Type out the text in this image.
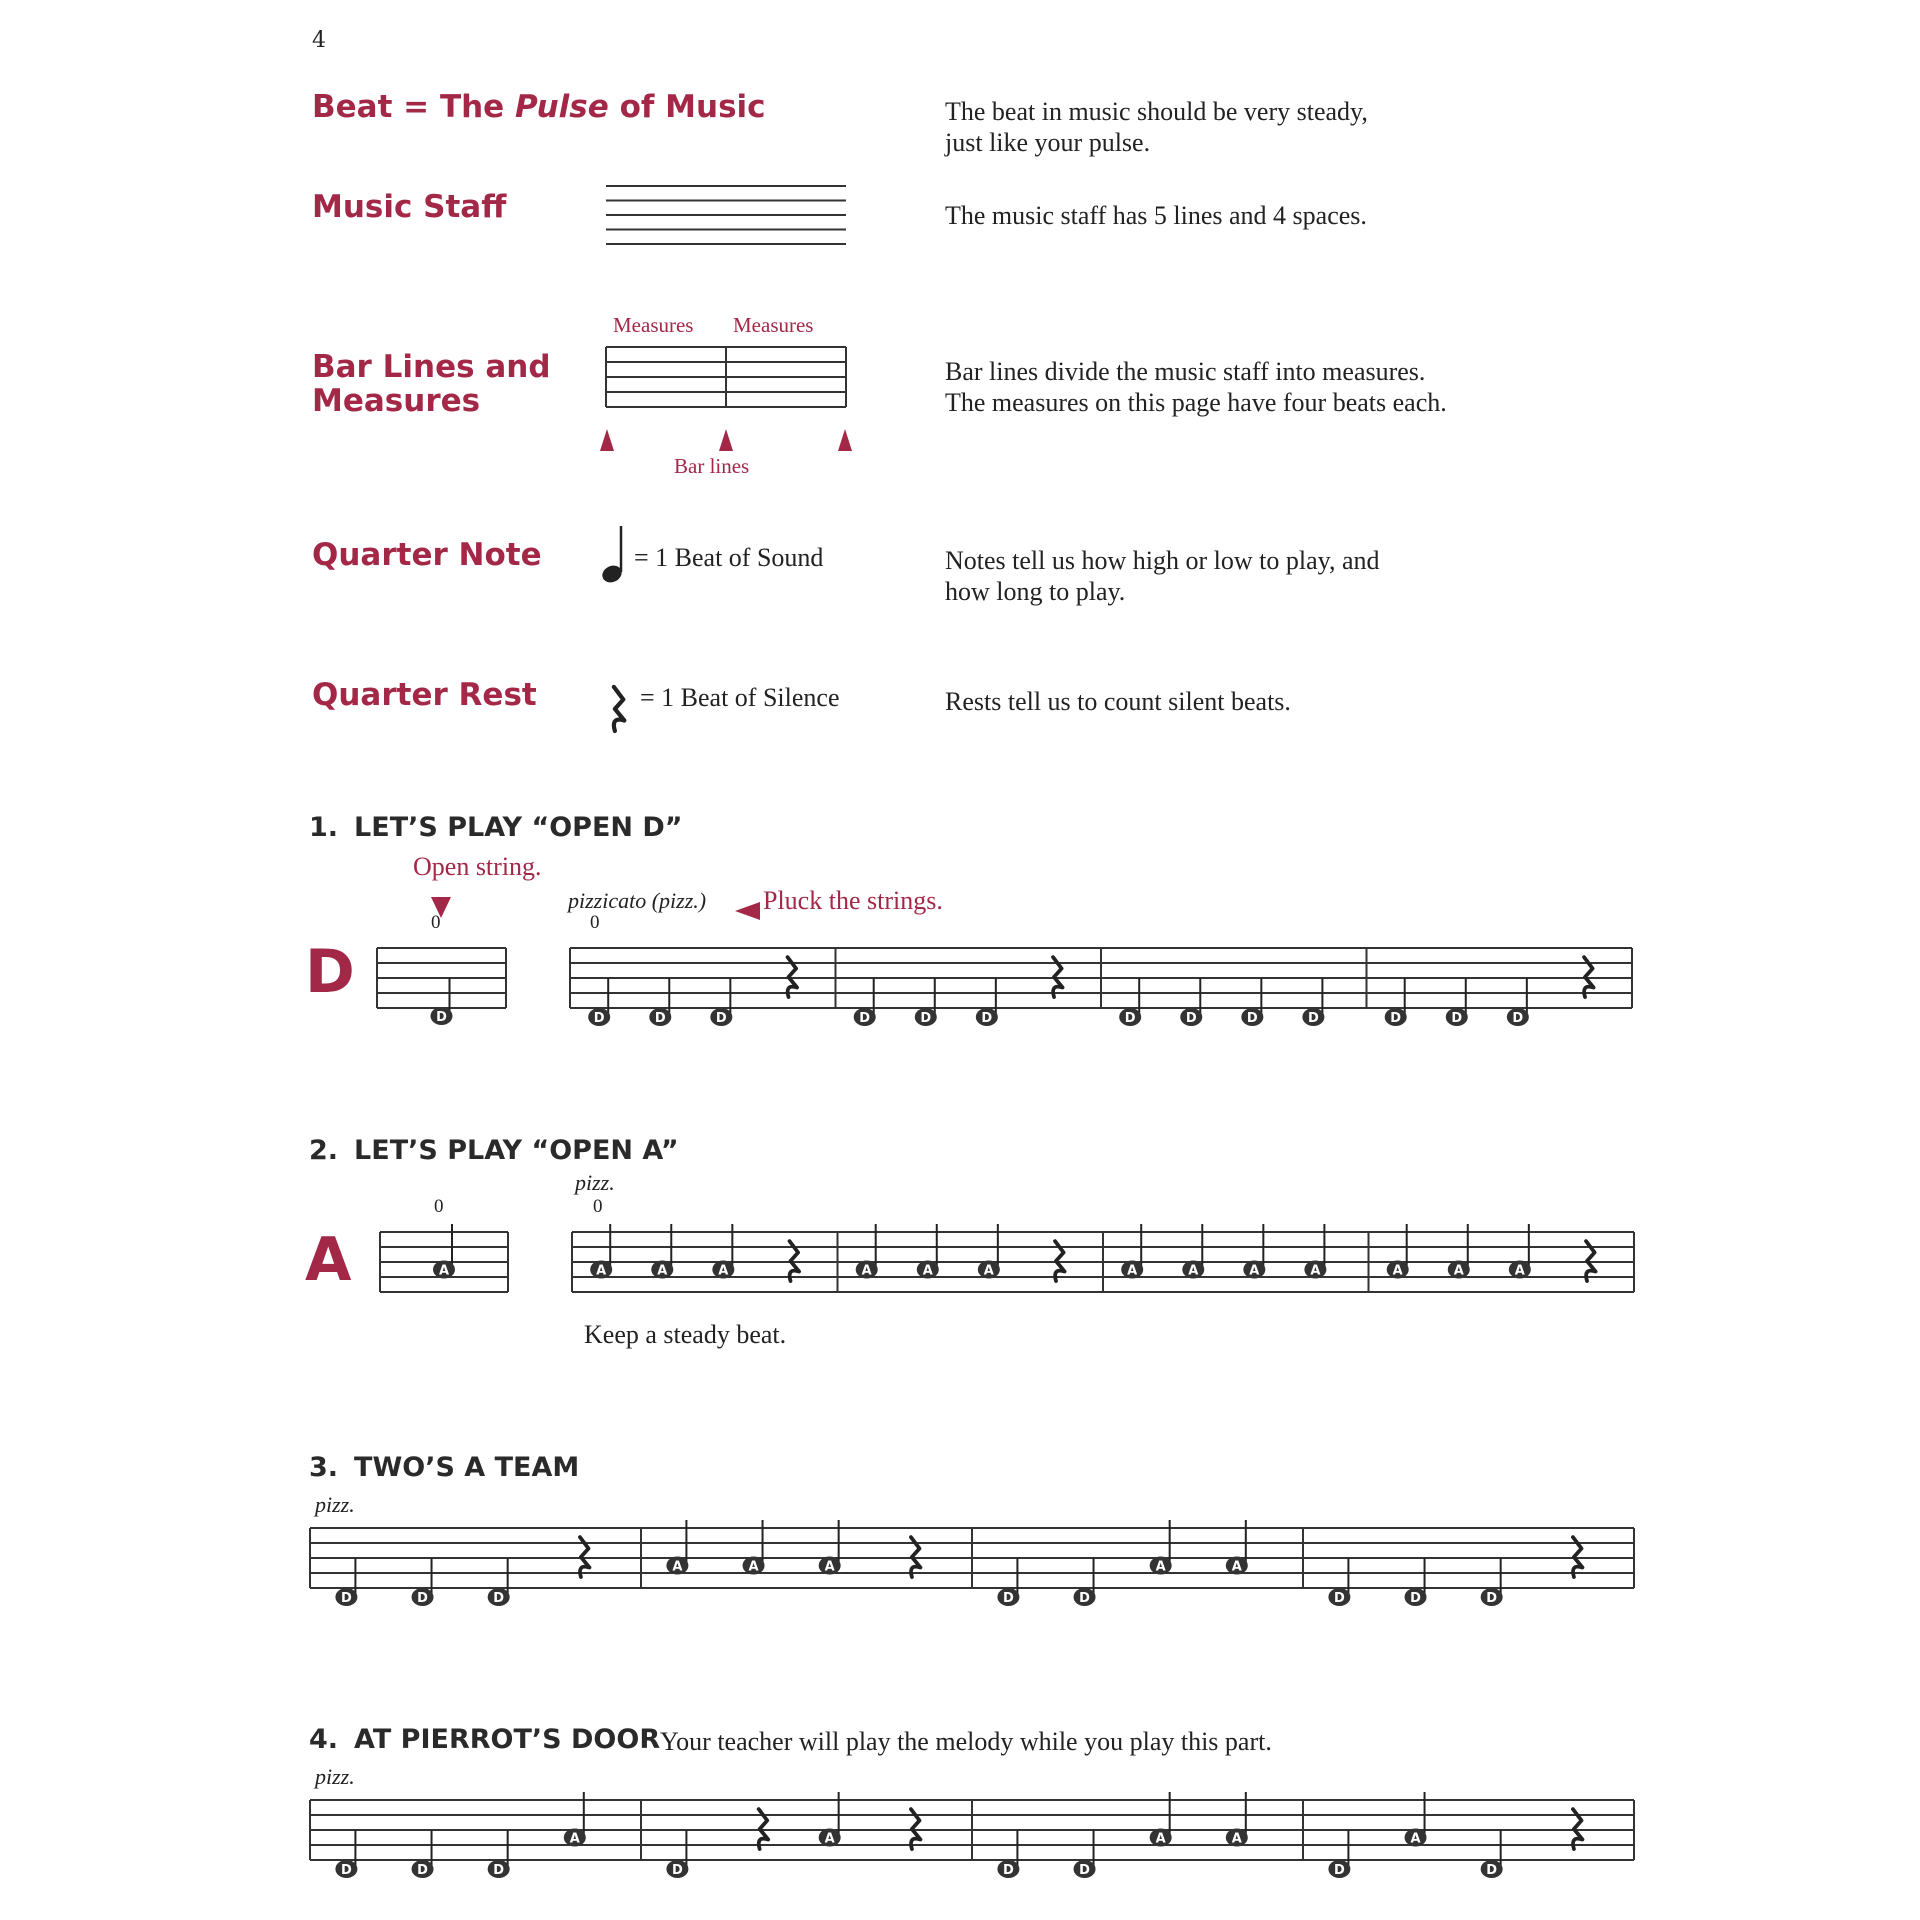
4
Beat = The Pulse of Music	The beat in music should be very steady,
just like your pulse.
Music Staff	The music staff has 5 lines and 4 spaces.
Bar Lines and
Measures
Bar lines divide the music staff into measures.
The measures on this page have four beats each.
Measures Measures
Bar lines
Quarter Note	= 1 Beat of Sound	Notes tell us how high or low to play, and
how long to play.
Quarter Rest	= 1 Beat of Silence	Rests tell us to count silent beats.
1. LET’S PLAY “OPEN D”
Open string.
pizzicato (pizz.) Pluck the strings.
D
0	0
2. LET’S PLAY “OPEN A”
pizz.
A
0	0
Keep a steady beat.
3. TWO’S A TEAM
pizz.
4. AT PIERROT’S DOOR Your teacher will play the melody while you play this part.
pizz.
D	D	D	D	D	D	D	D	D	D	D	D	D	D
A	A	A	A	A	A	A	A	A	A	A	A	A	A
D	D	D
A	A	A
D	D
A	A
D	D	D
D	D	D
A
D
A
D	D
A	A
D
A
D
